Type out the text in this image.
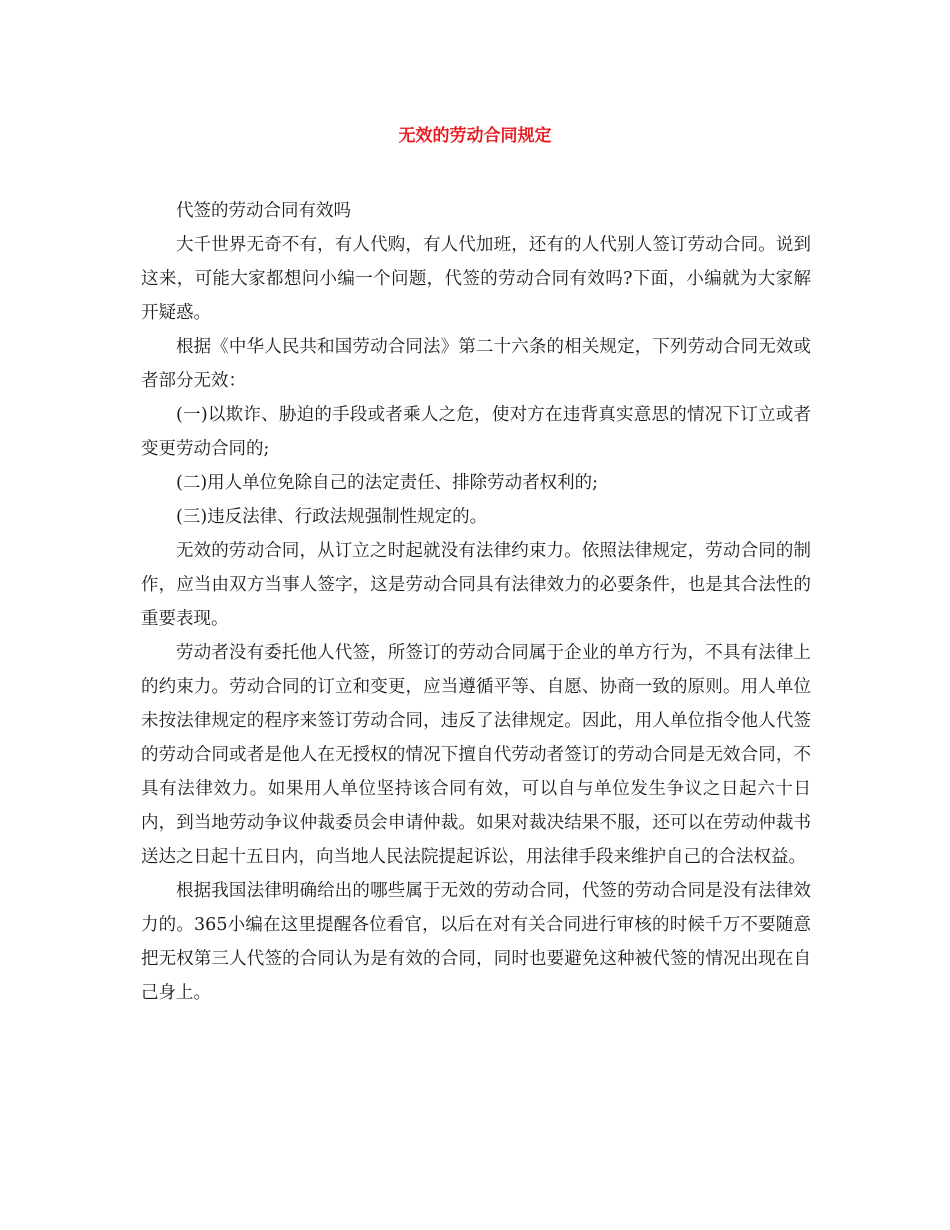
无效的劳动合同规定

代签的劳动合同有效吗

大千世界无奇不有，有人代购，有人代加班，还有的人代别人签订劳动合同。说到这来，可能大家都想问小编一个问题，代签的劳动合同有效吗?下面，小编就为大家解开疑惑。

根据《中华人民共和国劳动合同法》第二十六条的相关规定，下列劳动合同无效或者部分无效：

(一)以欺诈、胁迫的手段或者乘人之危，使对方在违背真实意思的情况下订立或者变更劳动合同的;

(二)用人单位免除自己的法定责任、排除劳动者权利的;

(三)违反法律、行政法规强制性规定的。

无效的劳动合同，从订立之时起就没有法律约束力。依照法律规定，劳动合同的制作，应当由双方当事人签字，这是劳动合同具有法律效力的必要条件，也是其合法性的重要表现。

劳动者没有委托他人代签，所签订的劳动合同属于企业的单方行为，不具有法律上的约束力。劳动合同的订立和变更，应当遵循平等、自愿、协商一致的原则。用人单位未按法律规定的程序来签订劳动合同，违反了法律规定。因此，用人单位指令他人代签的劳动合同或者是他人在无授权的情况下擅自代劳动者签订的劳动合同是无效合同，不具有法律效力。如果用人单位坚持该合同有效，可以自与单位发生争议之日起六十日内，到当地劳动争议仲裁委员会申请仲裁。如果对裁决结果不服，还可以在劳动仲裁书送达之日起十五日内，向当地人民法院提起诉讼，用法律手段来维护自己的合法权益。

根据我国法律明确给出的哪些属于无效的劳动合同，代签的劳动合同是没有法律效力的。365小编在这里提醒各位看官，以后在对有关合同进行审核的时候千万不要随意把无权第三人代签的合同认为是有效的合同，同时也要避免这种被代签的情况出现在自己身上。
